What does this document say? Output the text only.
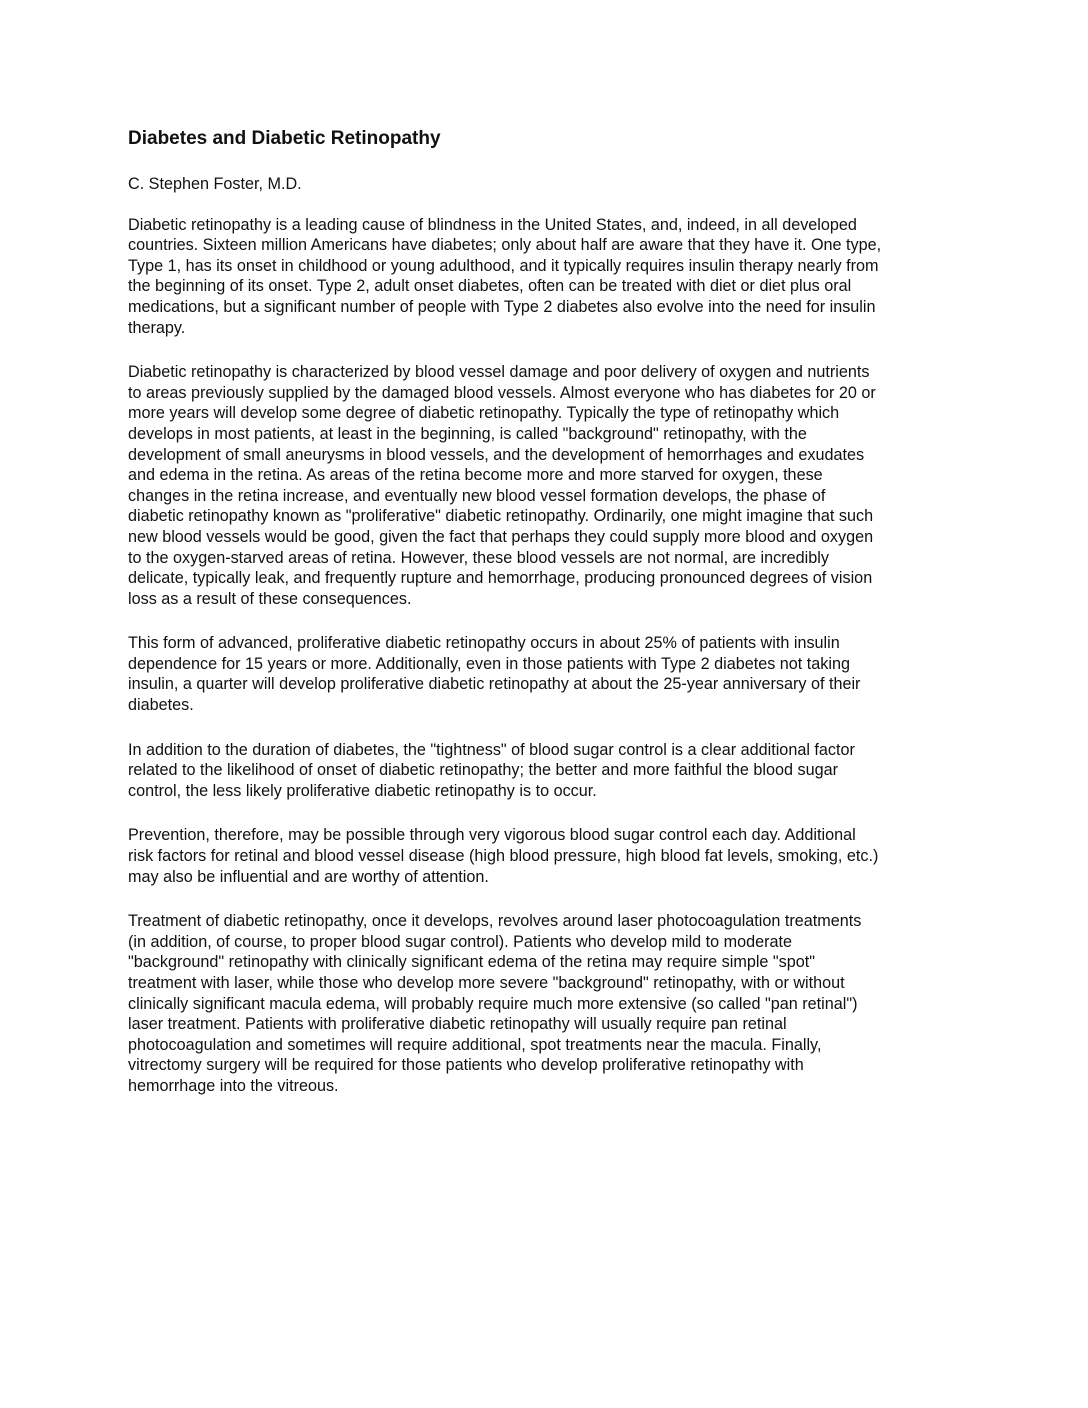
Diabetes and Diabetic Retinopathy

C. Stephen Foster, M.D.

Diabetic retinopathy is a leading cause of blindness in the United States, and, indeed, in all developed
countries. Sixteen million Americans have diabetes; only about half are aware that they have it. One type,
Type 1, has its onset in childhood or young adulthood, and it typically requires insulin therapy nearly from
the beginning of its onset. Type 2, adult onset diabetes, often can be treated with diet or diet plus oral
medications, but a significant number of people with Type 2 diabetes also evolve into the need for insulin
therapy.

Diabetic retinopathy is characterized by blood vessel damage and poor delivery of oxygen and nutrients
to areas previously supplied by the damaged blood vessels. Almost everyone who has diabetes for 20 or
more years will develop some degree of diabetic retinopathy. Typically the type of retinopathy which
develops in most patients, at least in the beginning, is called "background" retinopathy, with the
development of small aneurysms in blood vessels, and the development of hemorrhages and exudates
and edema in the retina. As areas of the retina become more and more starved for oxygen, these
changes in the retina increase, and eventually new blood vessel formation develops, the phase of
diabetic retinopathy known as "proliferative" diabetic retinopathy. Ordinarily, one might imagine that such
new blood vessels would be good, given the fact that perhaps they could supply more blood and oxygen
to the oxygen-starved areas of retina. However, these blood vessels are not normal, are incredibly
delicate, typically leak, and frequently rupture and hemorrhage, producing pronounced degrees of vision
loss as a result of these consequences.

This form of advanced, proliferative diabetic retinopathy occurs in about 25% of patients with insulin
dependence for 15 years or more. Additionally, even in those patients with Type 2 diabetes not taking
insulin, a quarter will develop proliferative diabetic retinopathy at about the 25-year anniversary of their
diabetes.

In addition to the duration of diabetes, the "tightness" of blood sugar control is a clear additional factor
related to the likelihood of onset of diabetic retinopathy; the better and more faithful the blood sugar
control, the less likely proliferative diabetic retinopathy is to occur.

Prevention, therefore, may be possible through very vigorous blood sugar control each day. Additional
risk factors for retinal and blood vessel disease (high blood pressure, high blood fat levels, smoking, etc.)
may also be influential and are worthy of attention.

Treatment of diabetic retinopathy, once it develops, revolves around laser photocoagulation treatments
(in addition, of course, to proper blood sugar control). Patients who develop mild to moderate
"background" retinopathy with clinically significant edema of the retina may require simple "spot"
treatment with laser, while those who develop more severe "background" retinopathy, with or without
clinically significant macula edema, will probably require much more extensive (so called "pan retinal")
laser treatment. Patients with proliferative diabetic retinopathy will usually require pan retinal
photocoagulation and sometimes will require additional, spot treatments near the macula. Finally,
vitrectomy surgery will be required for those patients who develop proliferative retinopathy with
hemorrhage into the vitreous.
